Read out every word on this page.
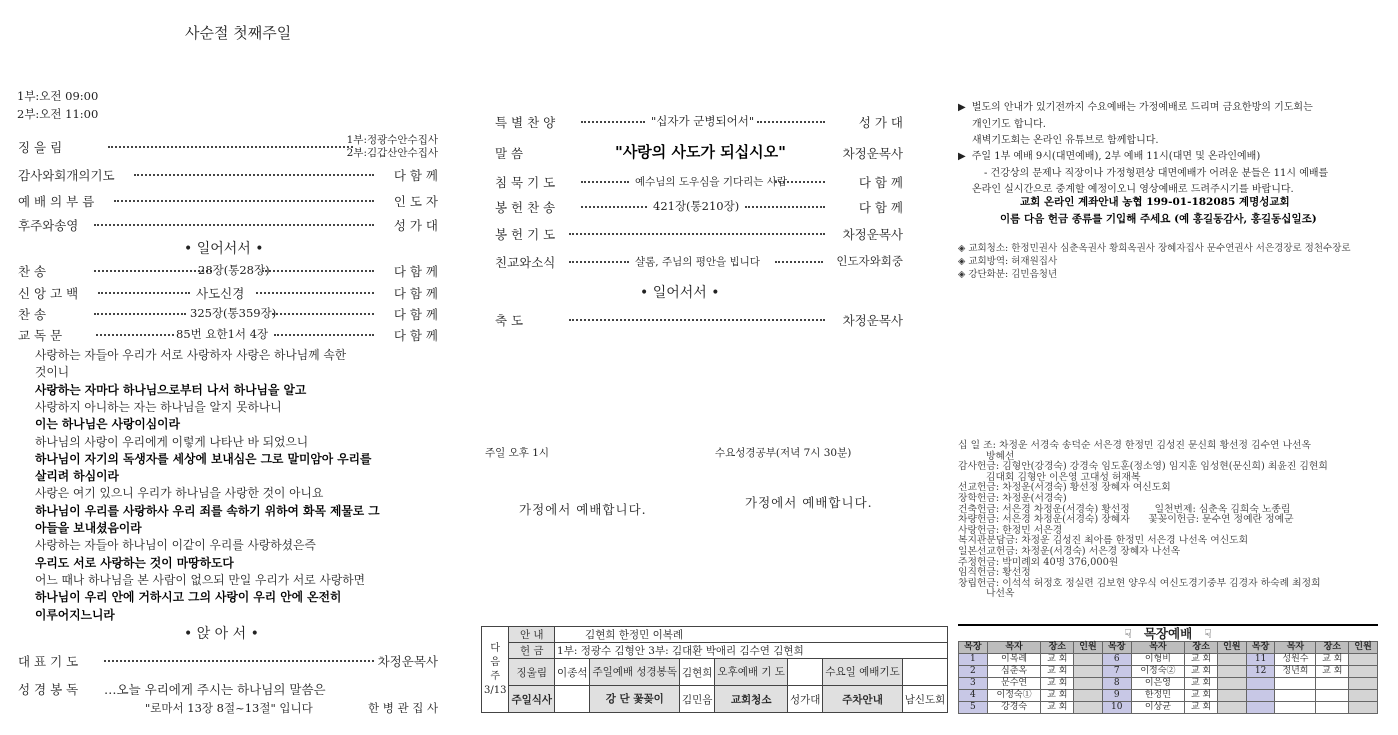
사순절 첫째주일
1부:오전 09:00
2부:오전 11:00
징 을 림	1부:정광수안수집사
2부:김갑산안수집사
감사와회개의기도	다 함 께
예 배 의 부 름	인 도 자
후주와송영	성 가 대
• 일어서서 •
찬 송	28장(통28장)	다 함 께
신 앙 고 백	사도신경	다 함 께
찬 송	325장(통359장)	다 함 께
교 독 문	85번 요한1서 4장	다 함 께
사랑하는 자들아 우리가 서로 사랑하자 사랑은 하나님께 속한
것이니
사랑하는 자마다 하나님으로부터 나서 하나님을 알고
사랑하지 아니하는 자는 하나님을 알지 못하나니
이는 하나님은 사랑이심이라
하나님의 사랑이 우리에게 이렇게 나타난 바 되었으니
하나님이 자기의 독생자를 세상에 보내심은 그로 말미암아 우리를
살리려 하심이라
사랑은 여기 있으니 우리가 하나님을 사랑한 것이 아니요
하나님이 우리를 사랑하사 우리 죄를 속하기 위하여 화목 제물로 그
아들을 보내셨음이라
사랑하는 자들아 하나님이 이같이 우리를 사랑하셨은즉
우리도 서로 사랑하는 것이 마땅하도다
어느 때나 하나님을 본 사람이 없으되 만일 우리가 서로 사랑하면
하나님이 우리 안에 거하시고 그의 사랑이 우리 안에 온전히
이루어지느니라
• 앉 아 서 •
대 표 기 도	차정운목사
성 경 봉 독 …오늘 우리에게 주시는 하나님의 말씀은
"로마서 13장 8절~13절" 입니다	한 병 관 집 사
특 별 찬 양	"십자가 군병되어서"	성 가 대
말 씀	"사랑의 사도가 되십시오"	차정운목사
침 묵 기 도	예수님의 도우심을 기다리는 사람	다 함 께
봉 헌 찬 송	421장(통210장)	다 함 께
봉 헌 기 도	차정운목사
친교와소식	샬롬, 주님의 평안을 빕니다	인도자와회중
• 일어서서 •
축 도	차정운목사
주일 오후 1시
가정에서 예배합니다.
수요성경공부(저녁 7시 30분)
가정에서 예배합니다.
다
음
주
3/13	안 내	김현희 한정민 이복례						
	헌 금	1부: 정광수 김형안 3부: 김대환 박애리 김수연 김현희						
	징울림	이종석	주일예배 성경봉독	김현희	오후예배 기 도		수요일 예배기도	
	주일식사		강 단 꽃꽂이	김민음	교회청소	성가대	주차안내	남신도회
▶ 벌도의 안내가 있기전까지 수요예배는 가정예배로 드리며 금요한방의 기도회는
개인기도 합니다.
새벽기도회는 온라인 유튜브로 함께합니다.
▶ 주일 1부 예배 9시(대면예배), 2부 예배 11시(대면 및 온라인예배)
- 건강상의 문제나 직장이나 가정형편상 대면예배가 어려운 분들은 11시 예배를
온라인 실시간으로 중계할 예정이오니 영상예배로 드려주시기를 바랍니다.
교회 온라인 계좌안내 농협 199-01-182085 계명성교회
이름 다음 헌금 종류를 기입해 주세요 (예 홍길동감사, 홍길동십일조)
◈ 교회청소: 한정민권사 심춘옥권사 황희옥권사 장혜자집사 문수연권사 서은경장로 정천수장로
◈ 교회방역: 허재원집사
◈ 강단화분: 김민음청년
십 일 조: 차정운 서경숙 송덕순 서은경 한정민 김성진 문신희 황선정 김수연 나선옥
방혜선
감사헌금: 김형안(강경숙) 강경숙 임도훈(정소영) 임지훈 임성현(문신희) 최윤진 김현희
김대회 김형안 이은영 고대성 허재복
선교헌금: 차정운(서경숙) 황선정 장혜자 여신도회
장학헌금: 차정운(서경숙)
건축헌금: 서은경 차정운(서경숙) 황선정        일천번제: 심춘옥 김희숙 노종림
차량헌금: 서은경 차정운(서경숙) 장혜자      꽃꽂이헌금: 문수연 정예란 정예군
사랑헌금: 한정민 서은경
복지관분담금: 차정운 김성진 최아름 한정민 서은경 나선옥 여신도회
일본선교헌금: 차정운(서경숙) 서은경 장혜자 나선옥
주정헌금: 박미례외 40명 376,000원
임직헌금: 황선정
창립헌금: 이석석 허정호 정실련 김보현 양우식 여신도경기중부 김경자 하숙례 최정희
나선옥
☟ 목장예배 ☟
목장	목자	장소	인원	목장	목자	장소	인원	목장	목자	장소	인원
1	이복례	교 회		6	이형비	교 회		11	성원수	교 회	
2	심춘옥	교 회		7	이정숙②	교 회		12	정년희	교 회	
3	문수연	교 회		8	이은영	교 회					
4	이정숙①	교 회		9	한정민	교 회					
5	강경숙	교 회		10	이상균	교 회					
